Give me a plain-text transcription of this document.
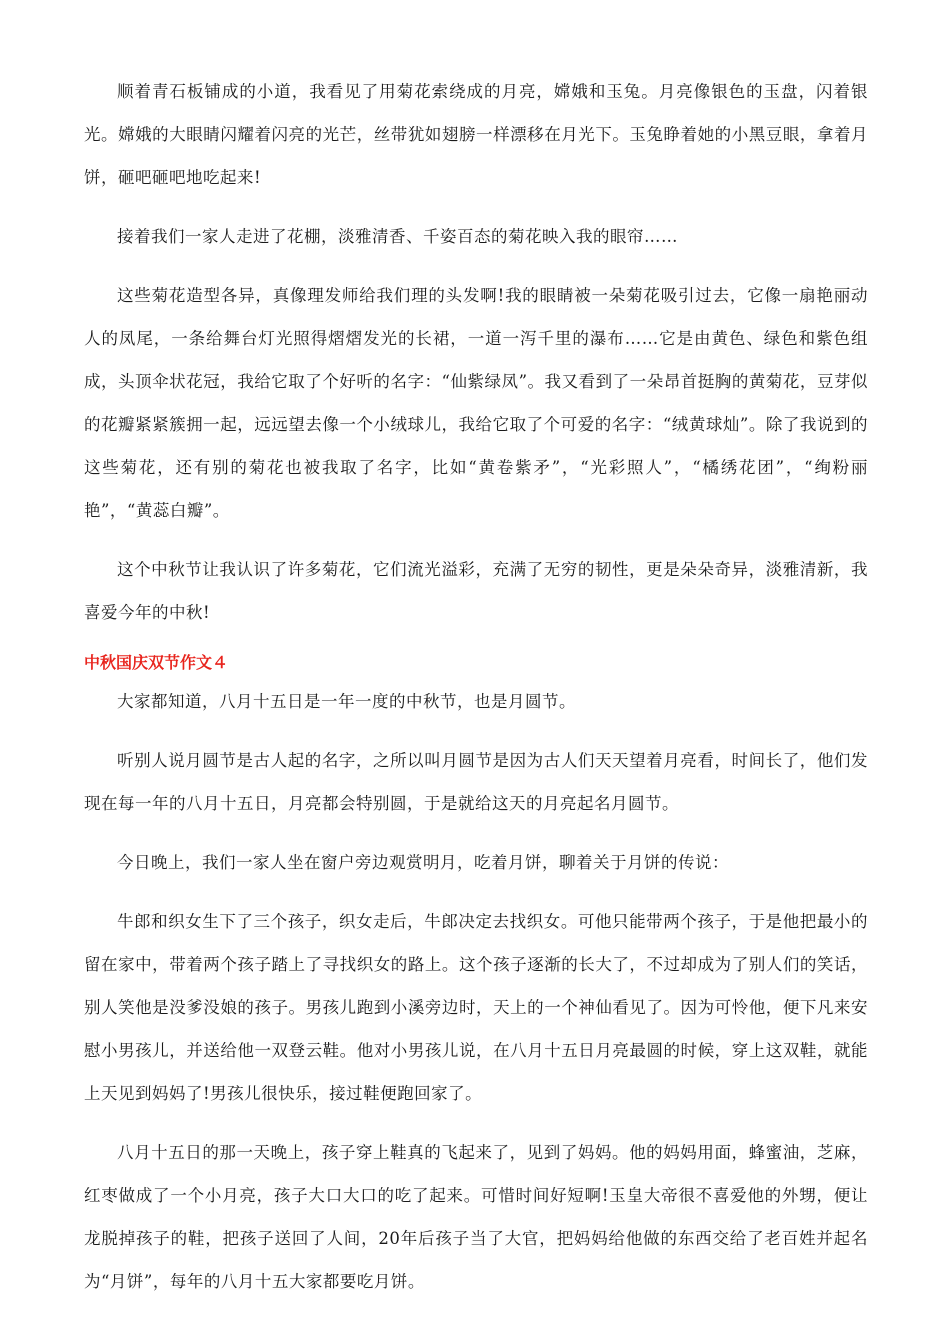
顺着青石板铺成的小道，我看见了用菊花索绕成的月亮，嫦娥和玉兔。月亮像银色的玉盘，闪着银光。嫦娥的大眼睛闪耀着闪亮的光芒，丝带犹如翅膀一样漂移在月光下。玉兔睁着她的小黑豆眼，拿着月饼，砸吧砸吧地吃起来!

接着我们一家人走进了花棚，淡雅清香、千姿百态的菊花映入我的眼帘……

这些菊花造型各异，真像理发师给我们理的头发啊!我的眼睛被一朵菊花吸引过去，它像一扇艳丽动人的凤尾，一条给舞台灯光照得熠熠发光的长裙，一道一泻千里的瀑布……它是由黄色、绿色和紫色组成，头顶伞状花冠，我给它取了个好听的名字：“仙紫绿凤”。我又看到了一朵昂首挺胸的黄菊花，豆芽似的花瓣紧紧簇拥一起，远远望去像一个小绒球儿，我给它取了个可爱的名字：“绒黄球灿”。除了我说到的这些菊花，还有别的菊花也被我取了名字，比如“黄卷紫矛”，“光彩照人”，“橘绣花团”，“绚粉丽艳”，“黄蕊白瓣”。

这个中秋节让我认识了许多菊花，它们流光溢彩，充满了无穷的韧性，更是朵朵奇异，淡雅清新，我喜爱今年的中秋!

中秋国庆双节作文４

大家都知道，八月十五日是一年一度的中秋节，也是月圆节。

听别人说月圆节是古人起的名字，之所以叫月圆节是因为古人们天天望着月亮看，时间长了，他们发现在每一年的八月十五日，月亮都会特别圆，于是就给这天的月亮起名月圆节。

今日晚上，我们一家人坐在窗户旁边观赏明月，吃着月饼，聊着关于月饼的传说：

牛郎和织女生下了三个孩子，织女走后，牛郎决定去找织女。可他只能带两个孩子，于是他把最小的留在家中，带着两个孩子踏上了寻找织女的路上。这个孩子逐渐的长大了，不过却成为了别人们的笑话，别人笑他是没爹没娘的孩子。男孩儿跑到小溪旁边时，天上的一个神仙看见了。因为可怜他，便下凡来安慰小男孩儿，并送给他一双登云鞋。他对小男孩儿说，在八月十五日月亮最圆的时候，穿上这双鞋，就能上天见到妈妈了!男孩儿很快乐，接过鞋便跑回家了。

八月十五日的那一天晚上，孩子穿上鞋真的飞起来了，见到了妈妈。他的妈妈用面，蜂蜜油，芝麻，红枣做成了一个小月亮，孩子大口大口的吃了起来。可惜时间好短啊!玉皇大帝很不喜爱他的外甥，便让龙脱掉孩子的鞋，把孩子送回了人间，20年后孩子当了大官，把妈妈给他做的东西交给了老百姓并起名为“月饼”，每年的八月十五大家都要吃月饼。
